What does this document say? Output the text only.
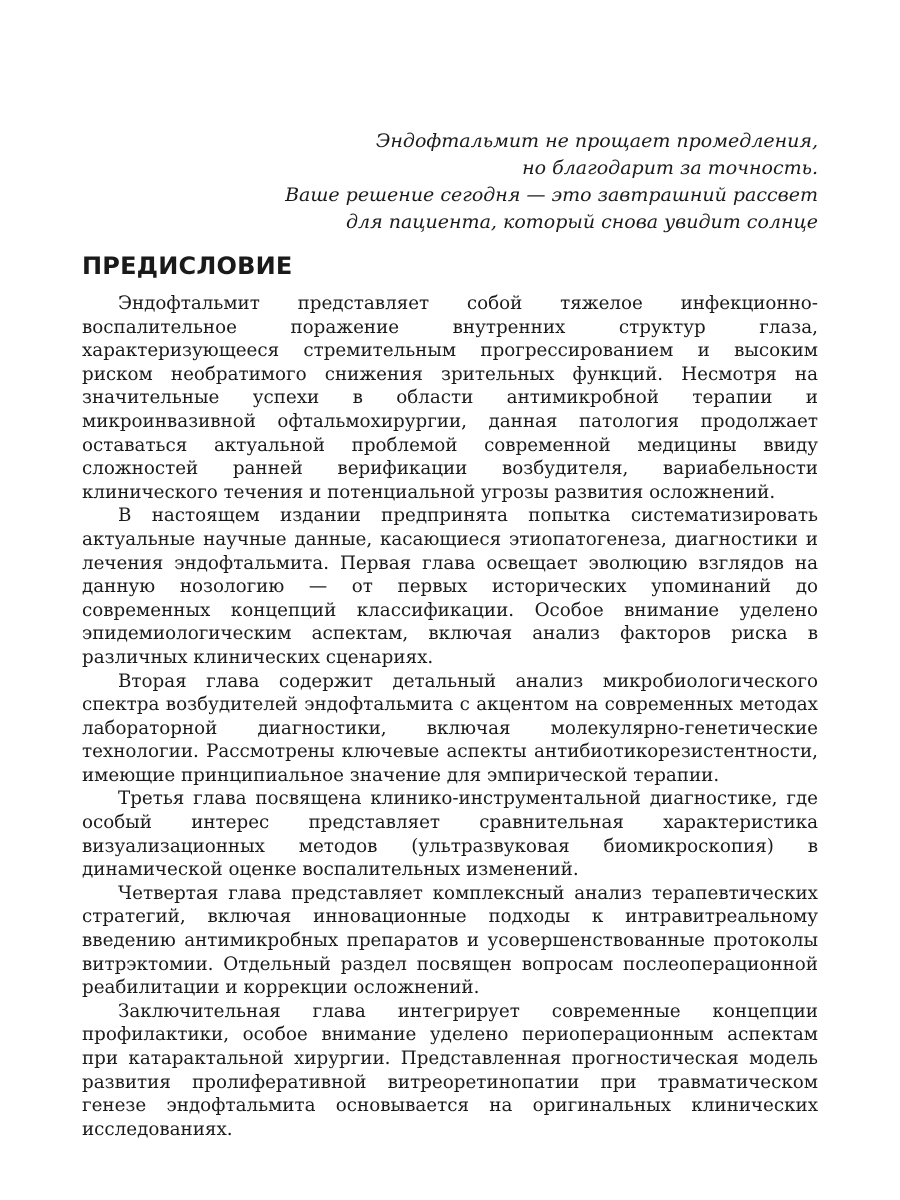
Эндофтальмит не прощает промедления,
но благодарит за точность.
Ваше решение сегодня — это завтрашний рассвет
для пациента, который снова увидит солнце
ПРЕДИСЛОВИЕ

Эндофтальмит представляет собой тяжелое инфекционно-воспалительное поражение внутренних структур глаза, характеризующееся стремительным прогрессированием и высоким риском необратимого снижения зрительных функций. Несмотря на значительные успехи в области антимикробной терапии и микроинвазивной офтальмохирургии, данная патология продолжает оставаться актуальной проблемой современной медицины ввиду сложностей ранней верификации возбудителя, вариабельности клинического течения и потенциальной угрозы развития осложнений.

В настоящем издании предпринята попытка систематизировать актуальные научные данные, касающиеся этиопатогенеза, диагностики и лечения эндофтальмита. Первая глава освещает эволюцию взглядов на данную нозологию — от первых исторических упоминаний до современных концепций классификации. Особое внимание уделено эпидемиологическим аспектам, включая анализ факторов риска в различных клинических сценариях.

Вторая глава содержит детальный анализ микробиологического спектра возбудителей эндофтальмита с акцентом на современных методах лабораторной диагностики, включая молекулярно-генетические технологии. Рассмотрены ключевые аспекты антибиотикорезистентности, имеющие принципиальное значение для эмпирической терапии.

Третья глава посвящена клинико-инструментальной диагностике, где особый интерес представляет сравнительная характеристика визуализационных методов (ультразвуковая биомикроскопия) в динамической оценке воспалительных изменений.

Четвертая глава представляет комплексный анализ терапевтических стратегий, включая инновационные подходы к интравитреальному введению антимикробных препаратов и усовершенствованные протоколы витрэктомии. Отдельный раздел посвящен вопросам послеоперационной реабилитации и коррекции осложнений.

Заключительная глава интегрирует современные концепции профилактики, особое внимание уделено периоперационным аспектам при катарактальной хирургии. Представленная прогностическая модель развития пролиферативной витреоретинопатии при травматическом генезе эндофтальмита основывается на оригинальных клинических исследованиях.
